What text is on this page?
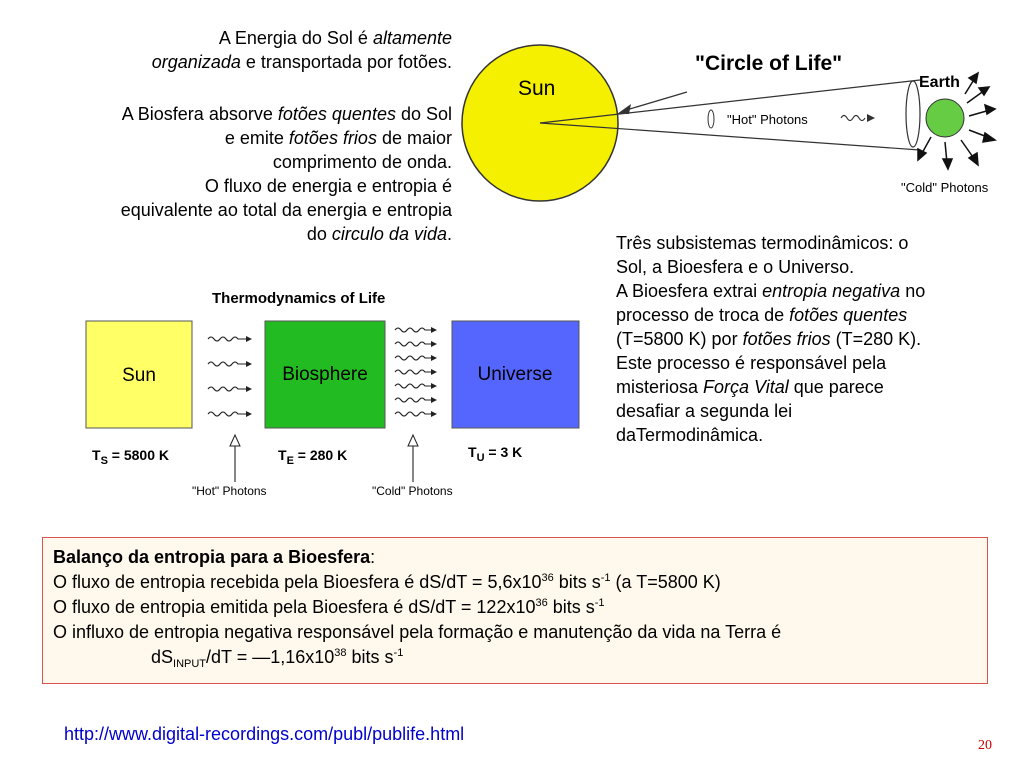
A Energia do Sol é altamente
organizada e transportada por fotões.
A Biosfera absorve fotões quentes do Sol
e emite fotões frios de maior
comprimento de onda.
O fluxo de energia e entropia é
equivalente ao total da energia e entropia
do circulo da vida.
Sun
"Circle of Life"
"Hot" Photons
Earth
"Cold" Photons
Thermodynamics of Life
Sun	Biosphere	Universe
$T_S = 5800$ K	$T_E = 280$ K	$T_U = 3$ K
"Hot" Photons	"Cold" Photons
Três subsistemas termodinâmicos: o
Sol, a Bioesfera e o Universo.
A Bioesfera extrai entropia negativa no
processo de troca de fotões quentes
(T=5800 K) por fotões frios (T=280 K).
Este processo é responsável pela
misteriosa Força Vital que parece
desafiar a segunda lei
daTermodinâmica.
Balanço da entropia para a Bioesfera:
O fluxo de entropia recebida pela Bioesfera é $dS/dT = 5,6x10^{36}$ bits $s^{-1}$ (a T=5800 K)
O fluxo de entropia emitida pela Bioesfera é $dS/dT = 122x10^{36}$ bits $s^{-1}$
O influxo de entropia negativa responsável pela formação e manutenção da vida na Terra é
$dS_{INPUT}/dT$ = $—1,16x10^{38}$ bits $s^{-1}$
http://www.digital-recordings.com/publ/publife.html
20
